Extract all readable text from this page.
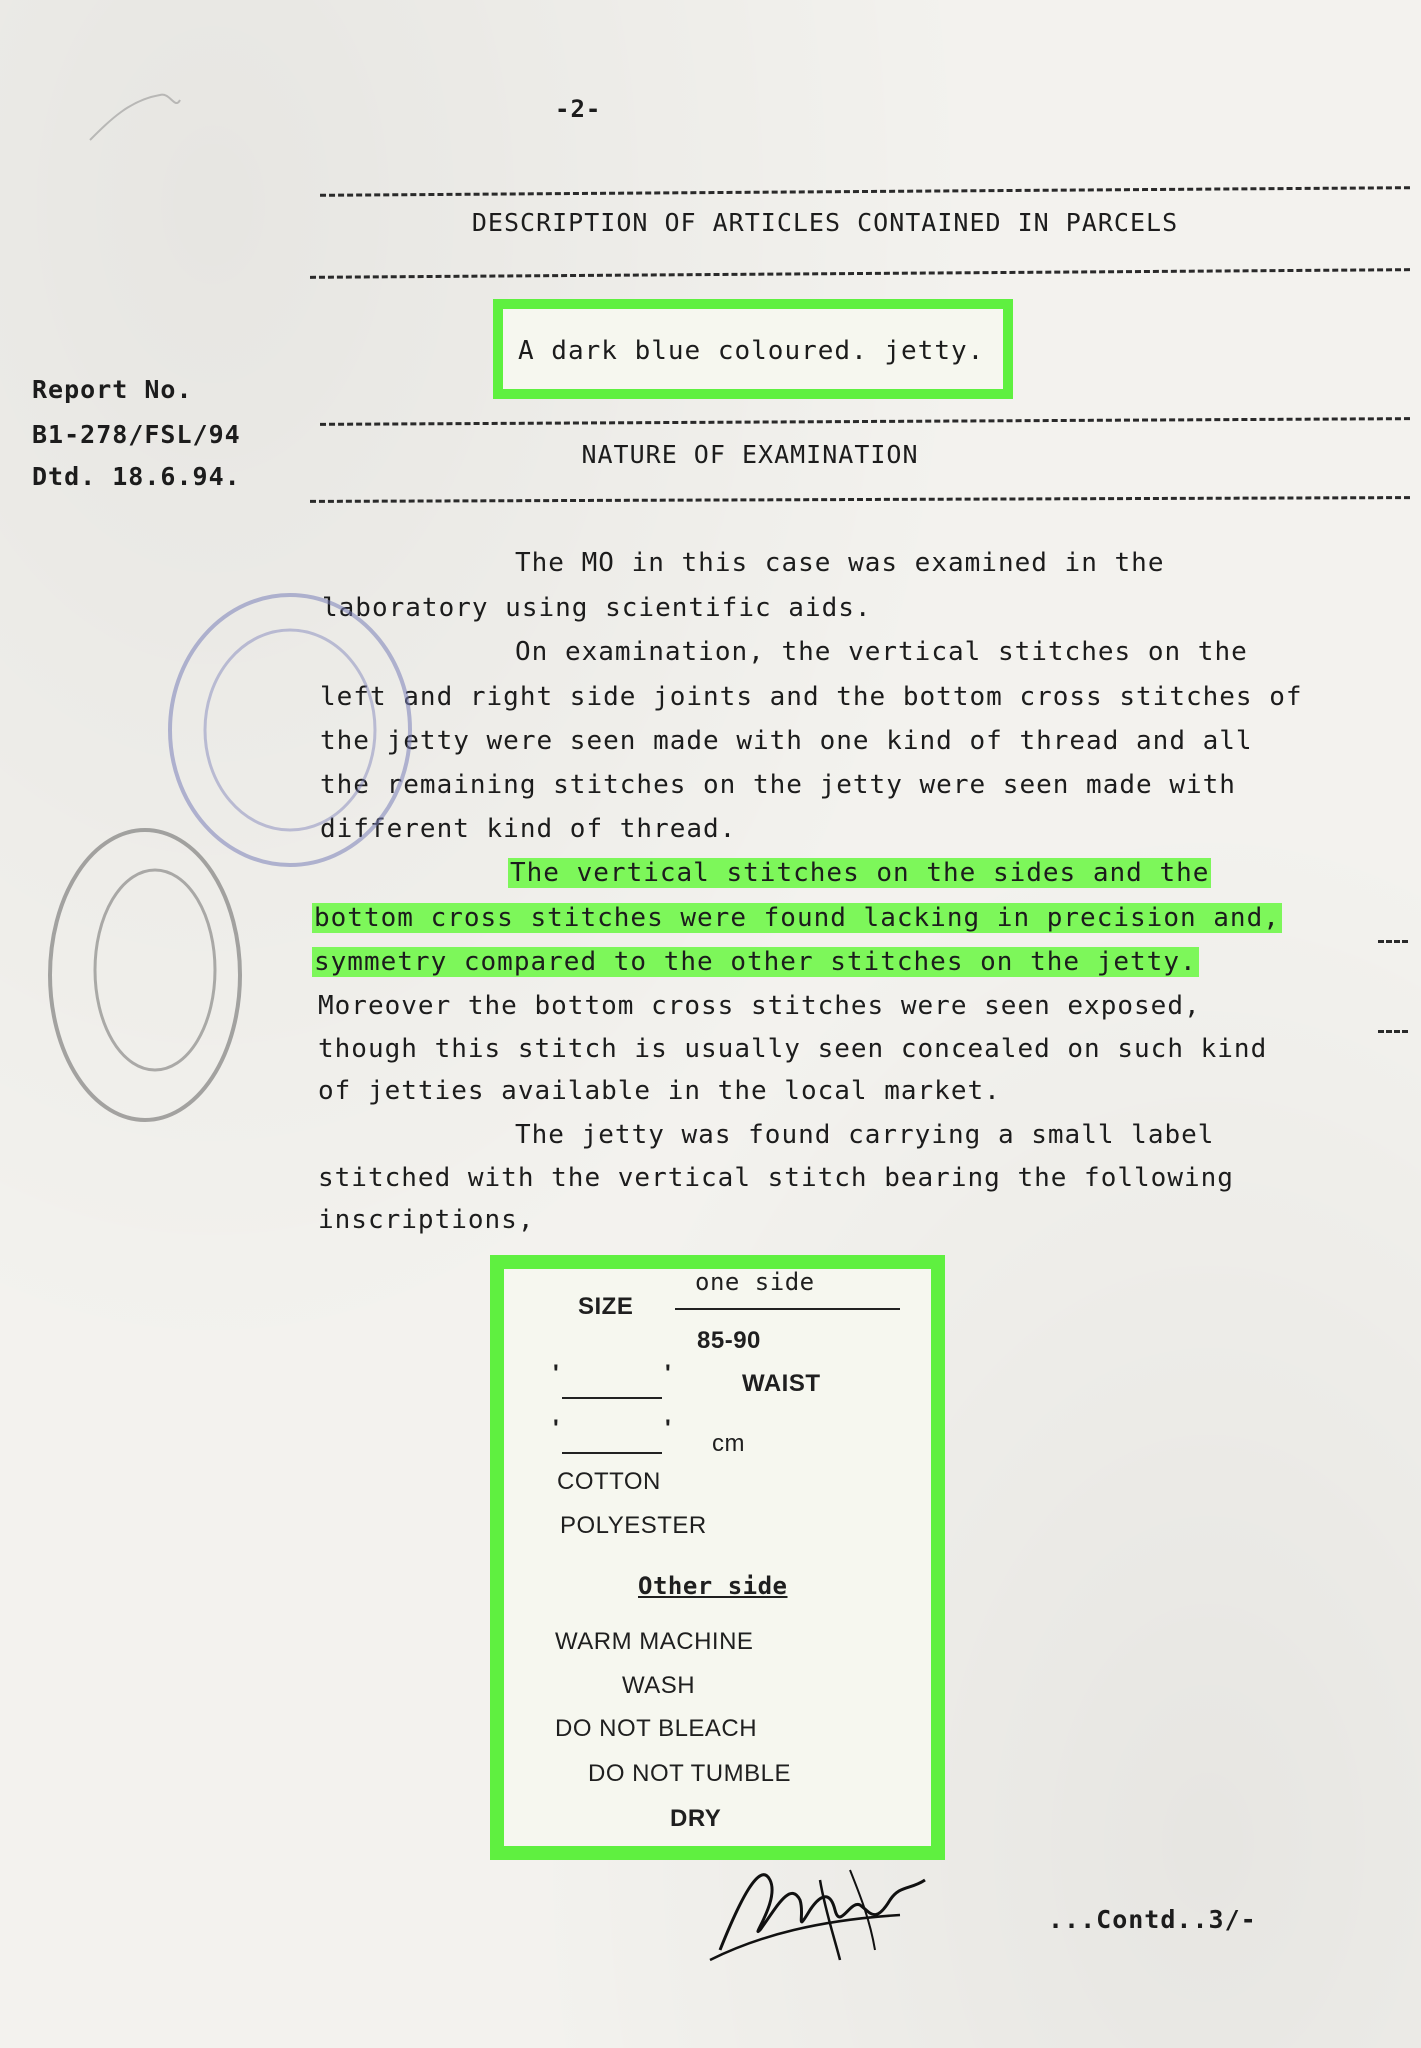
-2-
Report No.
B1-278/FSL/94
Dtd. 18.6.94.
DESCRIPTION OF ARTICLES CONTAINED IN PARCELS
A dark blue coloured. jetty.
NATURE OF EXAMINATION
The MO in this case was examined in the
laboratory using scientific aids.
On examination, the vertical stitches on the
left and right side joints and the bottom cross stitches of
the jetty were seen made with one kind of thread and all
the remaining stitches on the jetty were seen made with
different kind of thread.
The vertical stitches on the sides and the
bottom cross stitches were found lacking in precision and,
symmetry compared to the other stitches on the jetty.
Moreover the bottom cross stitches were seen exposed,
though this stitch is usually seen concealed on such kind
of jetties available in the local market.
The jetty was found carrying a small label
stitched with the vertical stitch bearing the following
inscriptions,
SIZE
one side
85-90
'	'	WAIST
'	'
cm
COTTON
POLYESTER
Other side
WARM MACHINE
WASH
DO NOT BLEACH
DO NOT TUMBLE
DRY
...Contd..3/-
